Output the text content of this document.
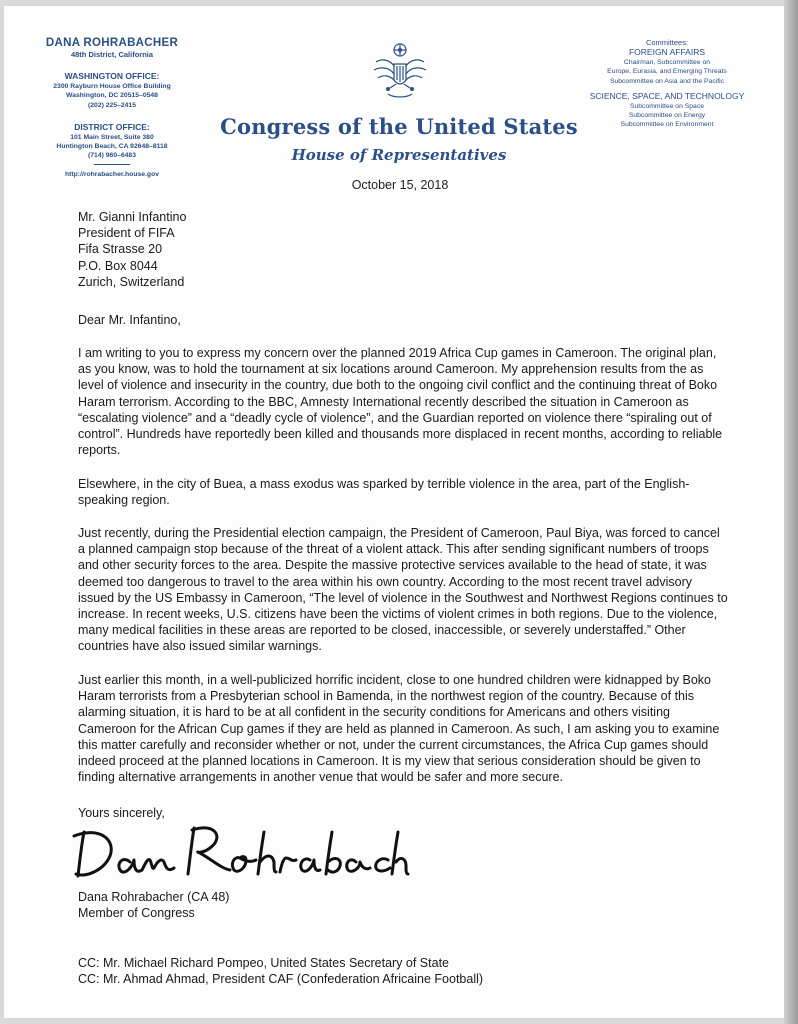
DANA ROHRABACHER
48th District, California
WASHINGTON OFFICE:
2300 Rayburn House Office Building
Washington, DC 20515–0548
(202) 225–2415
DISTRICT OFFICE:
101 Main Street, Suite 380
Huntington Beach, CA 92648–8118
(714) 960–6483
http://rohrabacher.house.gov
Congress of the United States
House of Representatives
October 15, 2018
Committees:
FOREIGN AFFAIRS
Chairman, Subcommittee on
Europe, Eurasia, and Emerging Threats
Subcommittee on Asia and the Pacific
SCIENCE, SPACE, AND TECHNOLOGY
Subcommittee on Space
Subcommittee on Energy
Subcommittee on Environment
Mr. Gianni Infantino
President of FIFA
Fifa Strasse 20
P.O. Box 8044
Zurich, Switzerland
Dear Mr. Infantino,
I am writing to you to express my concern over the planned 2019 Africa Cup games in Cameroon. The original plan, as you know, was to hold the tournament at six locations around Cameroon. My apprehension results from the as level of violence and insecurity in the country, due both to the ongoing civil conflict and the continuing threat of Boko Haram terrorism. According to the BBC, Amnesty International recently described the situation in Cameroon as “escalating violence” and a “deadly cycle of violence”, and the Guardian reported on violence there “spiraling out of control”. Hundreds have reportedly been killed and thousands more displaced in recent months, according to reliable reports.
Elsewhere, in the city of Buea, a mass exodus was sparked by terrible violence in the area, part of the English-speaking region.
Just recently, during the Presidential election campaign, the President of Cameroon, Paul Biya, was forced to cancel a planned campaign stop because of the threat of a violent attack. This after sending significant numbers of troops and other security forces to the area. Despite the massive protective services available to the head of state, it was deemed too dangerous to travel to the area within his own country. According to the most recent travel advisory issued by the US Embassy in Cameroon, “The level of violence in the Southwest and Northwest Regions continues to increase. In recent weeks, U.S. citizens have been the victims of violent crimes in both regions. Due to the violence, many medical facilities in these areas are reported to be closed, inaccessible, or severely understaffed.” Other countries have also issued similar warnings.
Just earlier this month, in a well-publicized horrific incident, close to one hundred children were kidnapped by Boko Haram terrorists from a Presbyterian school in Bamenda, in the northwest region of the country. Because of this alarming situation, it is hard to be at all confident in the security conditions for Americans and others visiting Cameroon for the African Cup games if they are held as planned in Cameroon. As such, I am asking you to examine this matter carefully and reconsider whether or not, under the current circumstances, the Africa Cup games should indeed proceed at the planned locations in Cameroon. It is my view that serious consideration should be given to finding alternative arrangements in another venue that would be safer and more secure.
Yours sincerely,
Dana Rohrabacher (CA 48)
Member of Congress
CC: Mr. Michael Richard Pompeo, United States Secretary of State
CC: Mr. Ahmad Ahmad, President CAF (Confederation Africaine Football)
